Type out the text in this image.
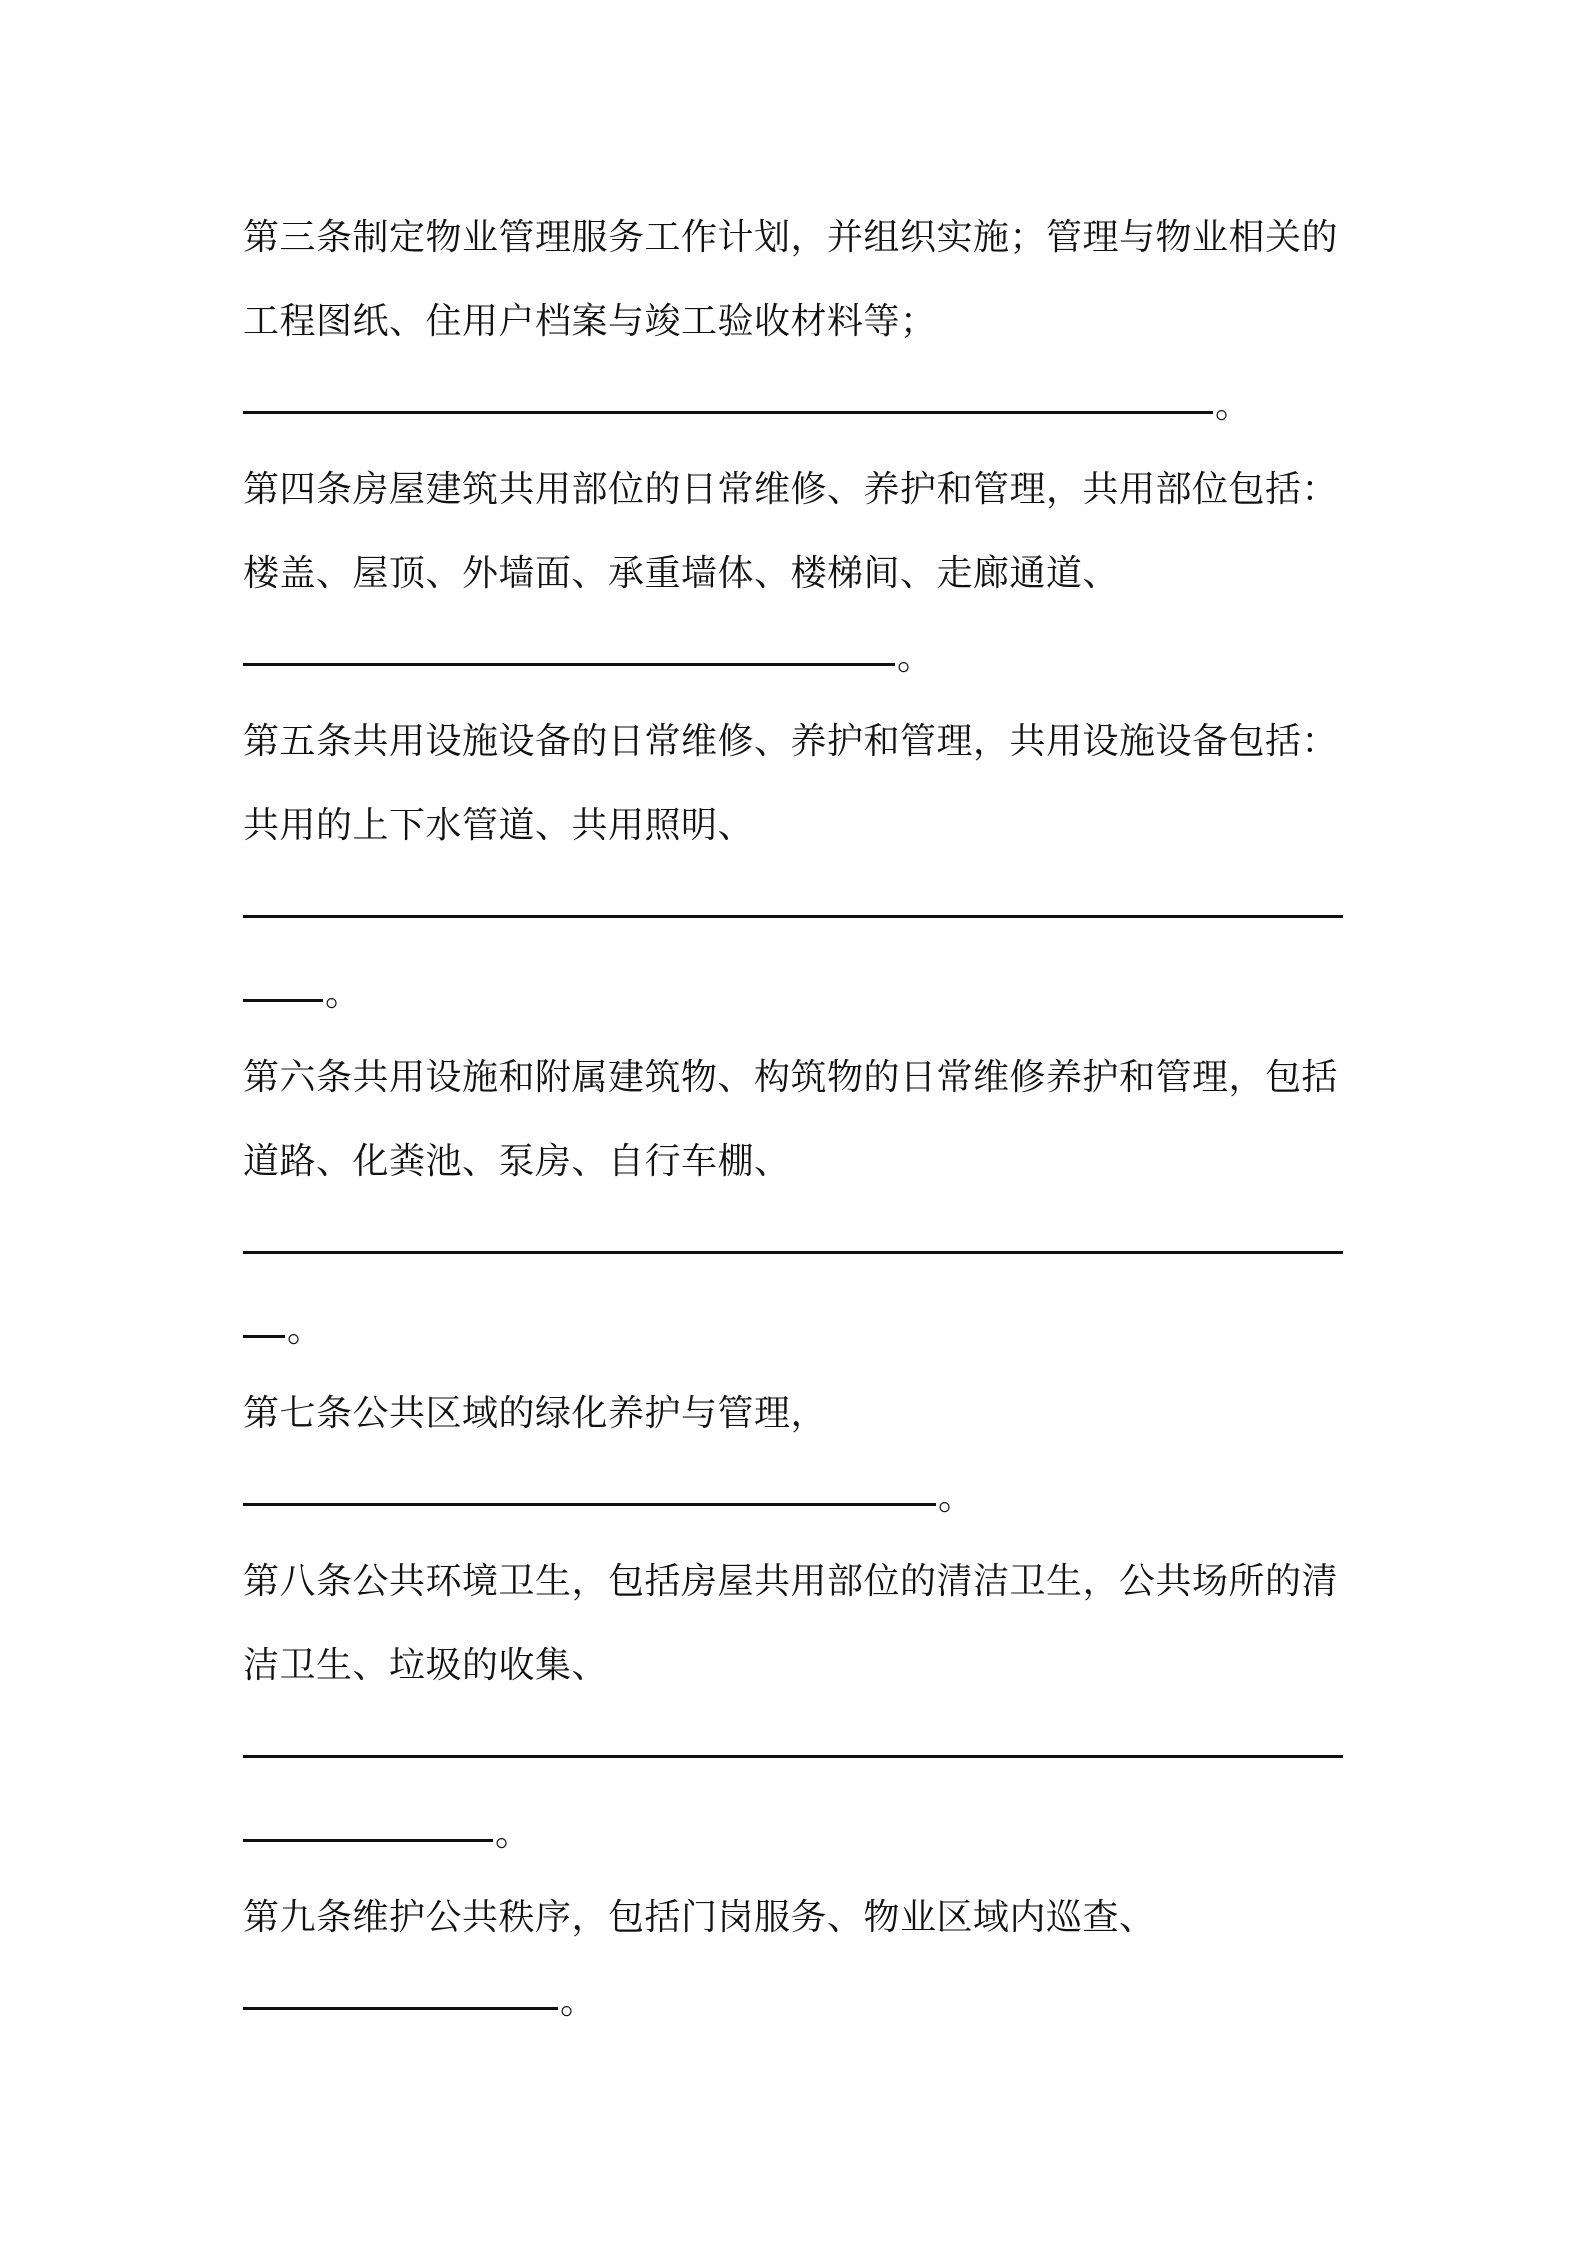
第三条制定物业管理服务工作计划，并组织实施；管理与物业相关的
工程图纸、住用户档案与竣工验收材料等；
。
第四条房屋建筑共用部位的日常维修、养护和管理，共用部位包括：
楼盖、屋顶、外墙面、承重墙体、楼梯间、走廊通道、
。
第五条共用设施设备的日常维修、养护和管理，共用设施设备包括：
共用的上下水管道、共用照明、
。
第六条共用设施和附属建筑物、构筑物的日常维修养护和管理，包括
道路、化粪池、泵房、自行车棚、
。
第七条公共区域的绿化养护与管理，
。
第八条公共环境卫生，包括房屋共用部位的清洁卫生，公共场所的清
洁卫生、垃圾的收集、
。
第九条维护公共秩序，包括门岗服务、物业区域内巡查、
。
